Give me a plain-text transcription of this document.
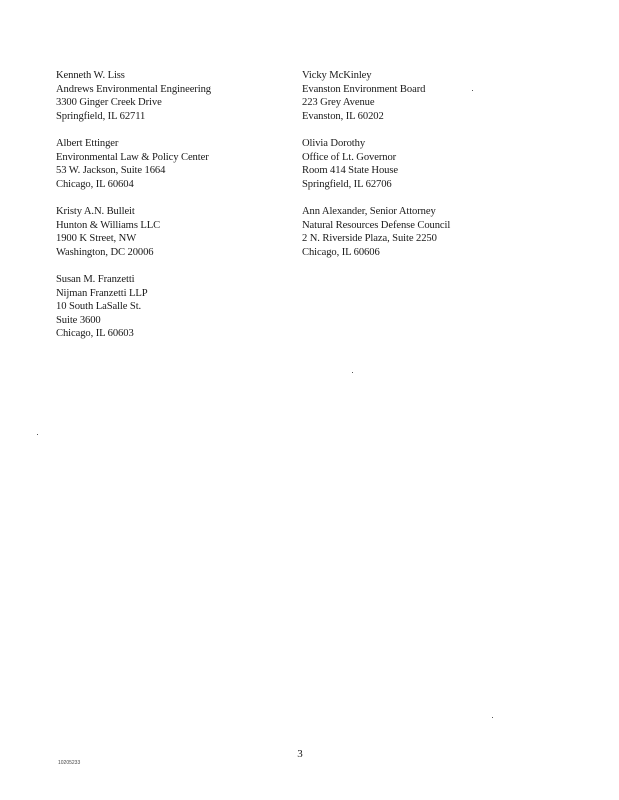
Kenneth W. Liss
Andrews Environmental Engineering
3300 Ginger Creek Drive
Springfield, IL 62711
Albert Ettinger
Environmental Law & Policy Center
53 W. Jackson, Suite 1664
Chicago, IL 60604
Kristy A.N. Bulleit
Hunton & Williams LLC
1900 K Street, NW
Washington, DC 20006
Susan M. Franzetti
Nijman Franzetti LLP
10 South LaSalle St.
Suite 3600
Chicago, IL 60603
Vicky McKinley
Evanston Environment Board
223 Grey Avenue
Evanston, IL 60202
Olivia Dorothy
Office of Lt. Governor
Room 414 State House
Springfield, IL 62706
Ann Alexander, Senior Attorney
Natural Resources Defense Council
2 N. Riverside Plaza, Suite 2250
Chicago, IL 60606
3
10205233
